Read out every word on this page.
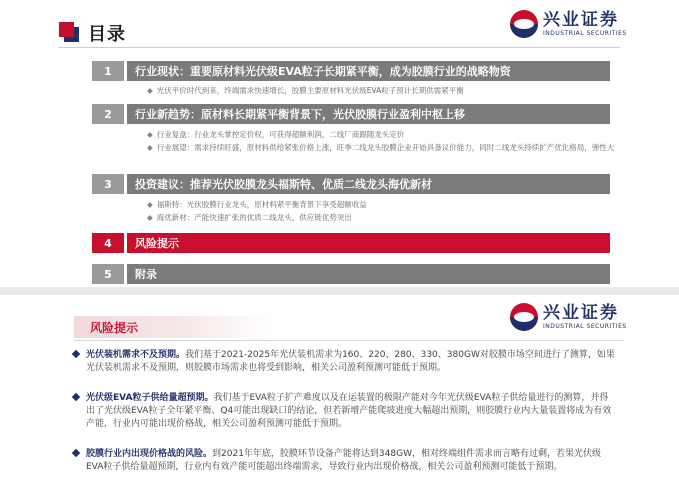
目录
兴业证券
INDUSTRIAL SECURITIES
1	行业现状：重要原材料光伏级EVA粒子长期紧平衡，成为胶膜行业的战略物资
◆ 光伏平价时代到来，终端需求快速增长，胶膜主要原材料光伏级EVA粒子预计长期供需紧平衡
2	行业新趋势：原材料长期紧平衡背景下，光伏胶膜行业盈利中枢上移
◆ 行业复盘：行业龙头掌控定价权，可获得超额利润，二线厂商跟随龙头定价
◆ 行业展望：需求持续旺盛，原材料供给紧张价格上涨，旺季二线龙头胶膜企业开始具备议价能力，同时二线龙头持续扩产优化格局，弹性大
3	投资建议：推荐光伏胶膜龙头福斯特、优质二线龙头海优新材
◆ 福斯特：光伏胶膜行业龙头，原材料紧平衡背景下享受超额收益
◆ 海优新材：产能快速扩张的优质二线龙头，供应链优势突出
4	风险提示
5	附录
兴业证券
INDUSTRIAL SECURITIES
风险提示
光伏装机需求不及预期。我们基于2021-2025年光伏装机需求为160、220、280、330、380GW对胶膜市场空间进行了测算，如果光伏装机需求不及预期，则胶膜市场需求也将受到影响，相关公司盈利预测可能低于预期。
光伏级EVA粒子供给量超预期。我们基于EVA粒子扩产难度以及在运装置的极限产能对今年光伏级EVA粒子供给量进行的测算，并得出了光伏级EVA粒子全年紧平衡、Q4可能出现缺口的结论，但若新增产能爬坡进度大幅超出预期，则胶膜行业内大量装置将成为有效产能，行业内可能出现价格战，相关公司盈利预测可能低于预期。
胶膜行业内出现价格战的风险。到2021年年底，胶膜环节设备产能将达到348GW，相对终端组件需求而言略有过剩，若果光伏级EVA粒子供给量超预期，行业内有效产能可能超出终端需求，导致行业内出现价格战，相关公司盈利预测可能低于预期。
